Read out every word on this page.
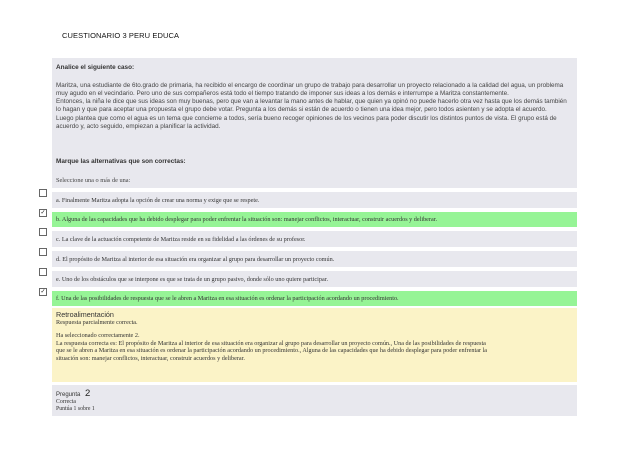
CUESTIONARIO 3 PERU EDUCA
Analice el siguiente caso:

Maritza, una estudiante de 6to.grado de primaria, ha recibido el encargo de coordinar un grupo de trabajo para desarrollar un proyecto relacionado a la calidad del agua, un problema muy agudo en el vecindario. Pero uno de sus compañeros está todo el tiempo tratando de imponer sus ideas a los demás e interrumpe a Maritza constantemente.

Entonces, la niña le dice que sus ideas son muy buenas, pero que van a levantar la mano antes de hablar, que quien ya opinó no puede hacerlo otra vez hasta que los demás también lo hagan y que para aceptar una propuesta el grupo debe votar. Pregunta a los demás si están de acuerdo o tienen una idea mejor, pero todos asienten y se adopta el acuerdo.

Luego plantea que como el agua es un tema que concierne a todos, sería bueno recoger opiniones de los vecinos para poder discutir los distintos puntos de vista. El grupo está de acuerdo y, acto seguido, empiezan a planificar la actividad.

Marque las alternativas que son correctas:
Seleccione una o más de una:
a. Finalmente Maritza adopta la opción de crear una norma y exige que se respete.
✓
b. Alguna de las capacidades que ha debido desplegar para poder enfrentar la situación son: manejar conflictos, interactuar, construir acuerdos y deliberar.
c. La clave de la actuación competente de Maritza reside en su fidelidad a las órdenes de su profesor.
d. El propósito de Maritza al interior de esa situación era organizar al grupo para desarrollar un proyecto común.
e. Uno de los obstáculos que se interpone es que se trata de un grupo pasivo, donde sólo uno quiere participar.
✓
f. Una de las posibilidades de respuesta que se le abren a Maritza en esa situación es ordenar la participación acordando un procedimiento.
Retroalimentación
Respuesta parcialmente correcta.
Ha seleccionado correctamente 2.
La respuesta correcta es: El propósito de Maritza al interior de esa situación era organizar al grupo para desarrollar un proyecto común., Una de las posibilidades de respuesta
que se le abren a Maritza en esa situación es ordenar la participación acordando un procedimiento., Alguna de las capacidades que ha debido desplegar para poder enfrentar la
situación son: manejar conflictos, interactuar, construir acuerdos y deliberar.
Pregunta 2
Correcta
Puntúa 1 sobre 1
